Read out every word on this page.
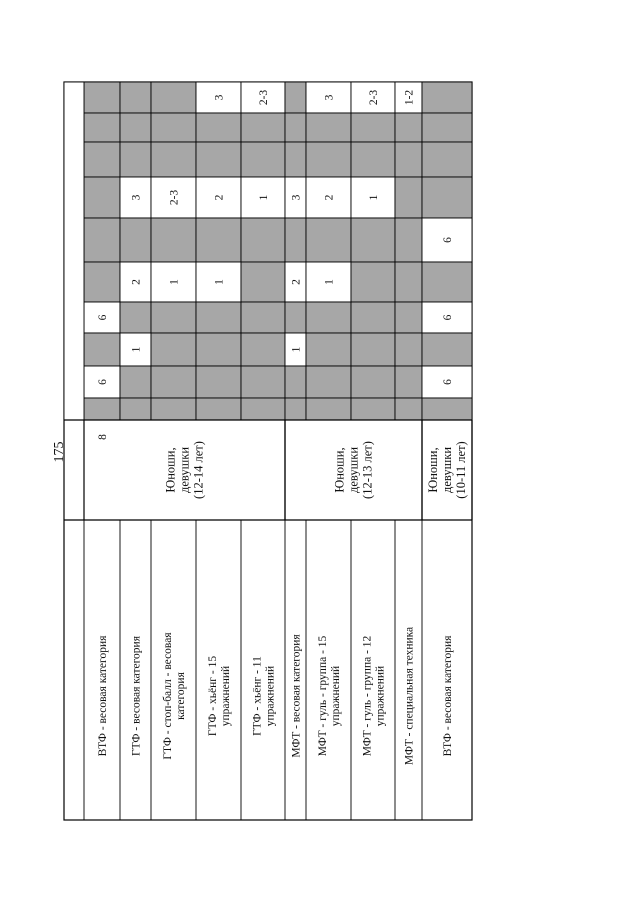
ВТФ - весовая категория ГТФ - весовая категория ГТФ - стоп-балл - весовая категория ГТФ - хьёнг - 15 упражнений ГТФ - хьёнг - 11 упражнений МФТ - весовая категория МФТ - гуль - группа - 15 упражнений МФТ - гуль - группа - 12 упражнений МФТ - специальная техника ВТФ - весовая категория
Юноши, девушки (12-14 лет)	Юноши, девушки (12-13 лет)	Юноши, девушки (10-11 лет)
8
6
6
1
2
3
1
2-3
1
2
3
1
2-3
1
2
3
1
2
3
1
2-3 1-2
6
6
6
175
